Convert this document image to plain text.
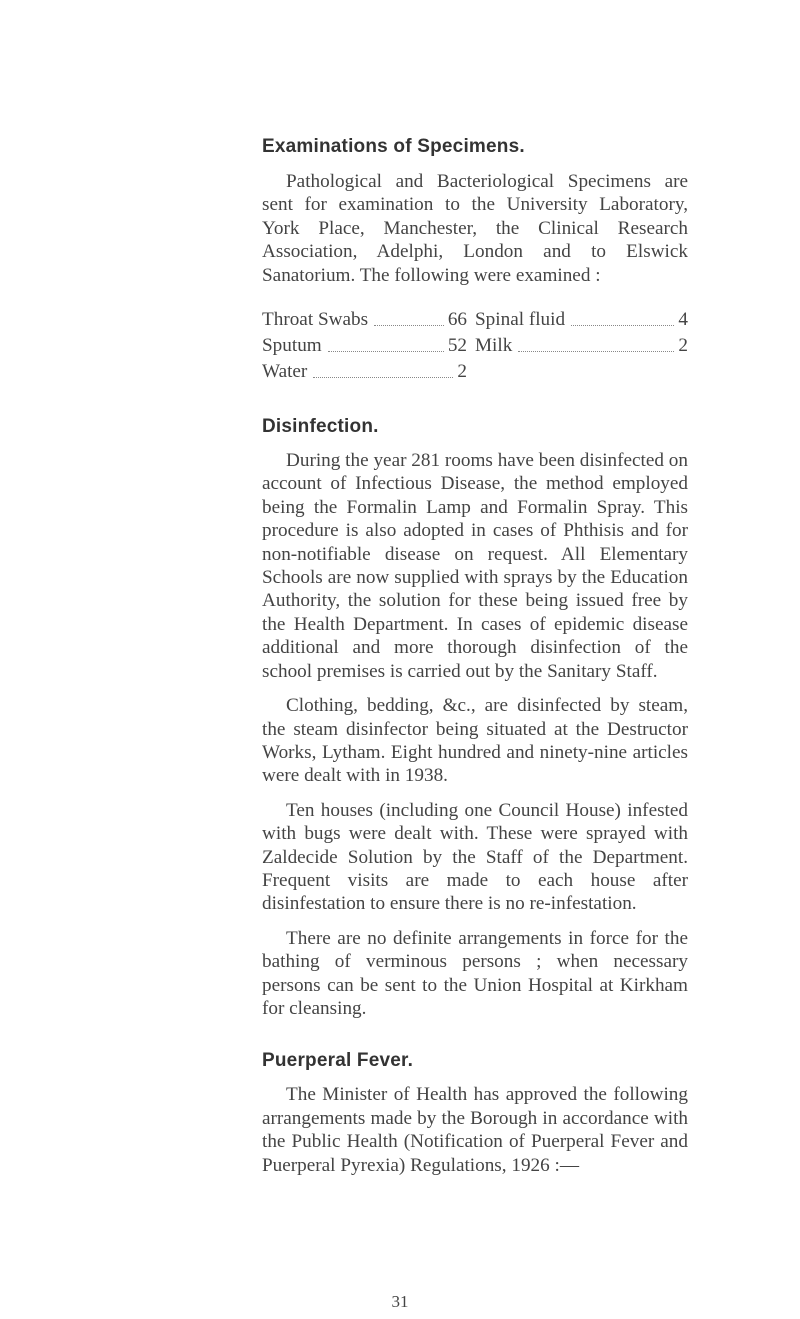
Examinations of Specimens.

Pathological and Bacteriological Specimens are sent for examination to the University Laboratory, York Place, Manchester, the Clinical Research Association, Adelphi, London and to Elswick Sanatorium. The following were examined :

Throat Swabs	66 Spinal fluid	4
Sputum	52 Milk	2
Water	2
Disinfection.

During the year 281 rooms have been disinfected on account of Infectious Disease, the method employed being the Formalin Lamp and Formalin Spray. This procedure is also adopted in cases of Phthisis and for non-notifiable disease on request. All Elementary Schools are now supplied with sprays by the Education Authority, the solution for these being issued free by the Health Department. In cases of epidemic disease additional and more thorough disinfection of the school premises is carried out by the Sanitary Staff.

Clothing, bedding, &c., are disinfected by steam, the steam disinfector being situated at the Destructor Works, Lytham. Eight hundred and ninety-nine articles were dealt with in 1938.

Ten houses (including one Council House) infested with bugs were dealt with. These were sprayed with Zaldecide Solution by the Staff of the Department. Frequent visits are made to each house after disinfestation to ensure there is no re-infestation.

There are no definite arrangements in force for the bathing of verminous persons ; when necessary persons can be sent to the Union Hospital at Kirkham for cleansing.

Puerperal Fever.

The Minister of Health has approved the following arrangements made by the Borough in accordance with the Public Health (Notification of Puerperal Fever and Puerperal Pyrexia) Regulations, 1926 :—

31
